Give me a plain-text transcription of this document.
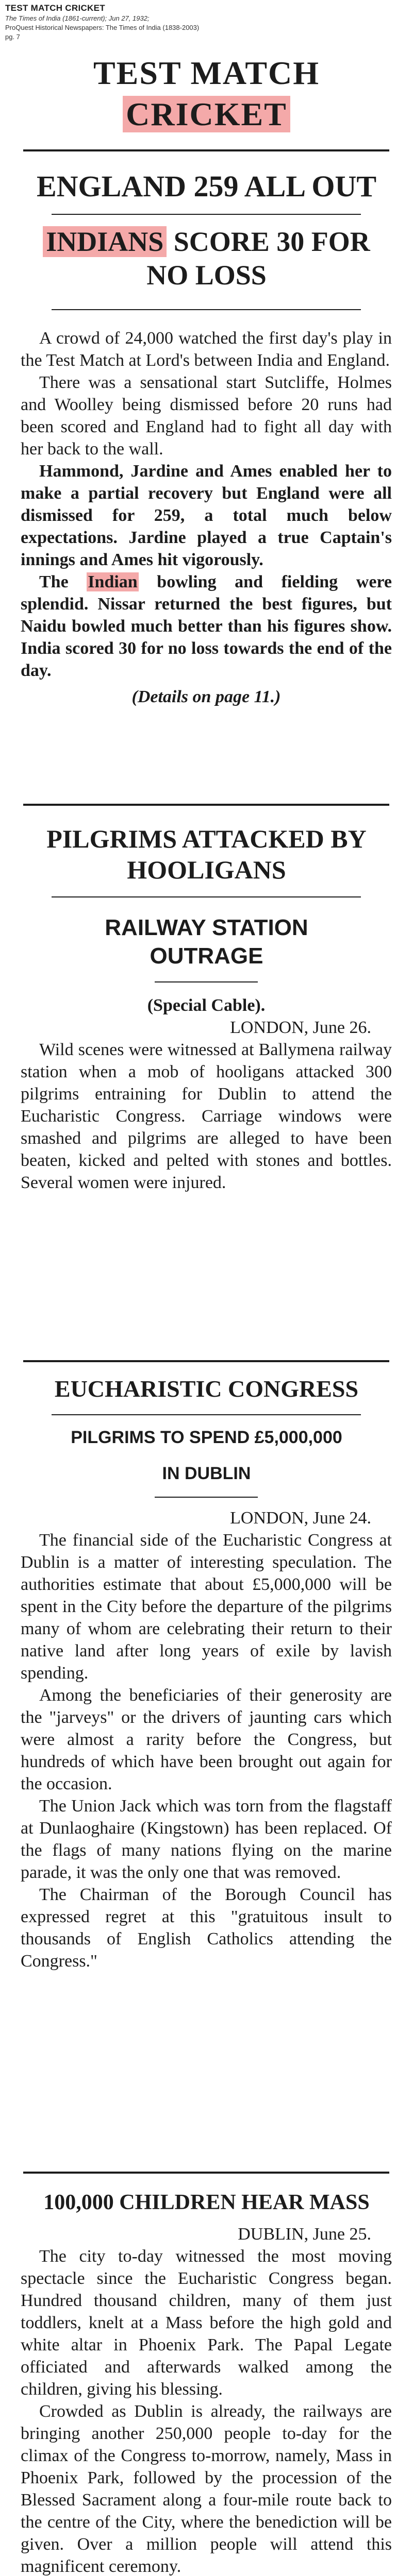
TEST MATCH CRICKET
The Times of India (1861-current); Jun 27, 1932;
ProQuest Historical Newspapers: The Times of India (1838-2003)
pg. 7
TEST MATCH
CRICKET
ENGLAND 259 ALL OUT
INDIANS SCORE 30 FOR
NO LOSS

A crowd of 24,000 watched the first day's play in the Test Match at Lord's between India and England.

There was a sensational start Sutcliffe, Holmes and Woolley being dismissed before 20 runs had been scored and England had to fight all day with her back to the wall.

Hammond, Jardine and Ames enabled her to make a partial recovery but England were all dismissed for 259, a total much below expectations. Jardine played a true Captain's innings and Ames hit vigorously.

The Indian bowling and fielding were splendid. Nissar returned the best figures, but Naidu bowled much better than his figures show. India scored 30 for no loss towards the end of the day.

(Details on page 11.)

PILGRIMS ATTACKED BY
HOOLIGANS
RAILWAY STATION
OUTRAGE

(Special Cable).

LONDON, June 26.

Wild scenes were witnessed at Ballymena railway station when a mob of hooligans attacked 300 pilgrims entraining for Dublin to attend the Eucharistic Congress. Carriage windows were smashed and pilgrims are alleged to have been beaten, kicked and pelted with stones and bottles. Several women were injured.

EUCHARISTIC CONGRESS
PILGRIMS TO SPEND £5,000,000
IN DUBLIN

LONDON, June 24.

The financial side of the Eucharistic Congress at Dublin is a matter of interesting speculation. The authorities estimate that about £5,000,000 will be spent in the City before the departure of the pilgrims many of whom are celebrating their return to their native land after long years of exile by lavish spending.

Among the beneficiaries of their generosity are the "jarveys" or the drivers of jaunting cars which were almost a rarity before the Congress, but hundreds of which have been brought out again for the occasion.

The Union Jack which was torn from the flagstaff at Dunlaoghaire (Kingstown) has been replaced. Of the flags of many nations flying on the marine parade, it was the only one that was removed.

The Chairman of the Borough Council has expressed regret at this "gratuitous insult to thousands of English Catholics attending the Congress."

100,000 CHILDREN HEAR MASS

DUBLIN, June 25.

The city to-day witnessed the most moving spectacle since the Eucharistic Congress began. Hundred thousand children, many of them just toddlers, knelt at a Mass before the high gold and white altar in Phoenix Park. The Papal Legate officiated and afterwards walked among the children, giving his blessing.

Crowded as Dublin is already, the railways are bringing another 250,000 people to-day for the climax of the Congress to-morrow, namely, Mass in Phoenix Park, followed by the procession of the Blessed Sacrament along a four-mile route back to the centre of the City, where the benediction will be given. Over a million people will attend this magnificent ceremony.
